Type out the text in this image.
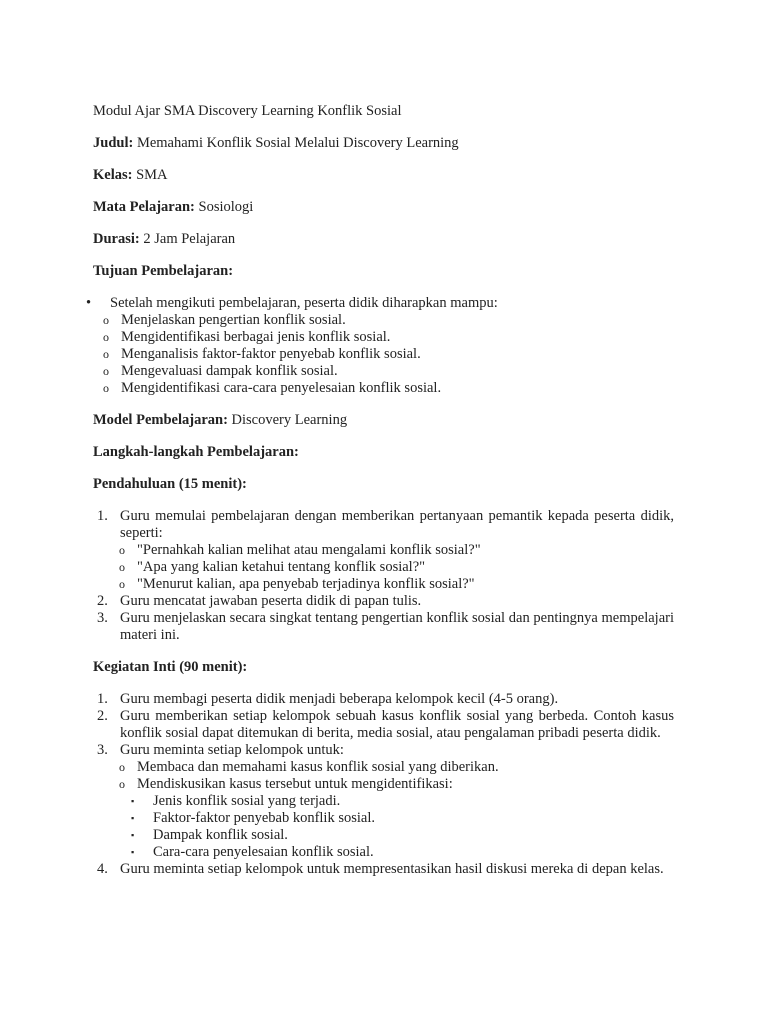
Modul Ajar SMA Discovery Learning Konflik Sosial

Judul: Memahami Konflik Sosial Melalui Discovery Learning

Kelas: SMA

Mata Pelajaran: Sosiologi

Durasi: 2 Jam Pelajaran

Tujuan Pembelajaran:

• Setelah mengikuti pembelajaran, peserta didik diharapkan mampu:
o Menjelaskan pengertian konflik sosial.
o Mengidentifikasi berbagai jenis konflik sosial.
o Menganalisis faktor-faktor penyebab konflik sosial.
o Mengevaluasi dampak konflik sosial.
o Mengidentifikasi cara-cara penyelesaian konflik sosial.

Model Pembelajaran: Discovery Learning

Langkah-langkah Pembelajaran:

Pendahuluan (15 menit):

1. Guru memulai pembelajaran dengan memberikan pertanyaan pemantik kepada peserta didik, seperti:
o "Pernahkah kalian melihat atau mengalami konflik sosial?"
o "Apa yang kalian ketahui tentang konflik sosial?"
o "Menurut kalian, apa penyebab terjadinya konflik sosial?"
2. Guru mencatat jawaban peserta didik di papan tulis.
3. Guru menjelaskan secara singkat tentang pengertian konflik sosial dan pentingnya mempelajari materi ini.

Kegiatan Inti (90 menit):

1. Guru membagi peserta didik menjadi beberapa kelompok kecil (4-5 orang).
2. Guru memberikan setiap kelompok sebuah kasus konflik sosial yang berbeda. Contoh kasus konflik sosial dapat ditemukan di berita, media sosial, atau pengalaman pribadi peserta didik.
3. Guru meminta setiap kelompok untuk:
o Membaca dan memahami kasus konflik sosial yang diberikan.
o Mendiskusikan kasus tersebut untuk mengidentifikasi:
▪ Jenis konflik sosial yang terjadi.
▪ Faktor-faktor penyebab konflik sosial.
▪ Dampak konflik sosial.
▪ Cara-cara penyelesaian konflik sosial.
4. Guru meminta setiap kelompok untuk mempresentasikan hasil diskusi mereka di depan kelas.
